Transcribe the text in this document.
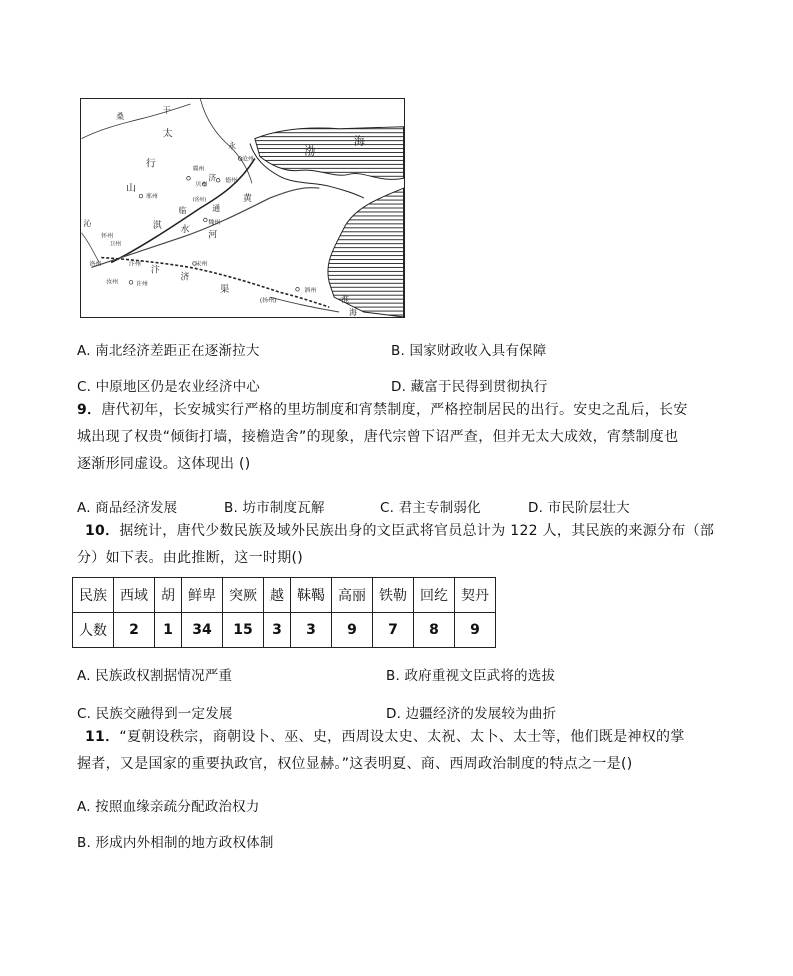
桑
干
太
行
山
永
沧州
渤
海
冀州
贝州
济 德州
邢州	(洺州)
临	通
黄
魏州
淇 水
河
卫州
怀州
沁
洛州	汴州	宋州
汴
渠
许州
汝州	济
泗州
(扬州)	淮
海
A. 南北经济差距正在逐渐拉大	B. 国家财政收入具有保障
C. 中原地区仍是农业经济中心	D. 藏富于民得到贯彻执行
9．唐代初年，长安城实行严格的里坊制度和宵禁制度，严格控制居民的出行。安史之乱后，长安
城出现了权贵“倾街打墙，接檐造舍”的现象，唐代宗曾下诏严查，但并无太大成效，宵禁制度也
逐渐形同虚设。这体现出 ()
A. 商品经济发展	B. 坊市制度瓦解	C. 君主专制弱化	D. 市民阶层壮大
10．据统计，唐代少数民族及域外民族出身的文臣武将官员总计为 122 人，其民族的来源分布（部
分）如下表。由此推断，这一时期()
民族	西域	胡	鲜卑	突厥	越	靺鞨	高丽	铁勒	回纥	契丹
人数	2	1	34	15	3	3	9	7	8	9
A. 民族政权割据情况严重	B. 政府重视文臣武将的选拔
C. 民族交融得到一定发展	D. 边疆经济的发展较为曲折
11．“夏朝设秩宗，商朝设卜、巫、史，西周设太史、太祝、太卜、太士等，他们既是神权的掌
握者，又是国家的重要执政官，权位显赫。”这表明夏、商、西周政治制度的特点之一是()
A. 按照血缘亲疏分配政治权力
B. 形成内外相制的地方政权体制
